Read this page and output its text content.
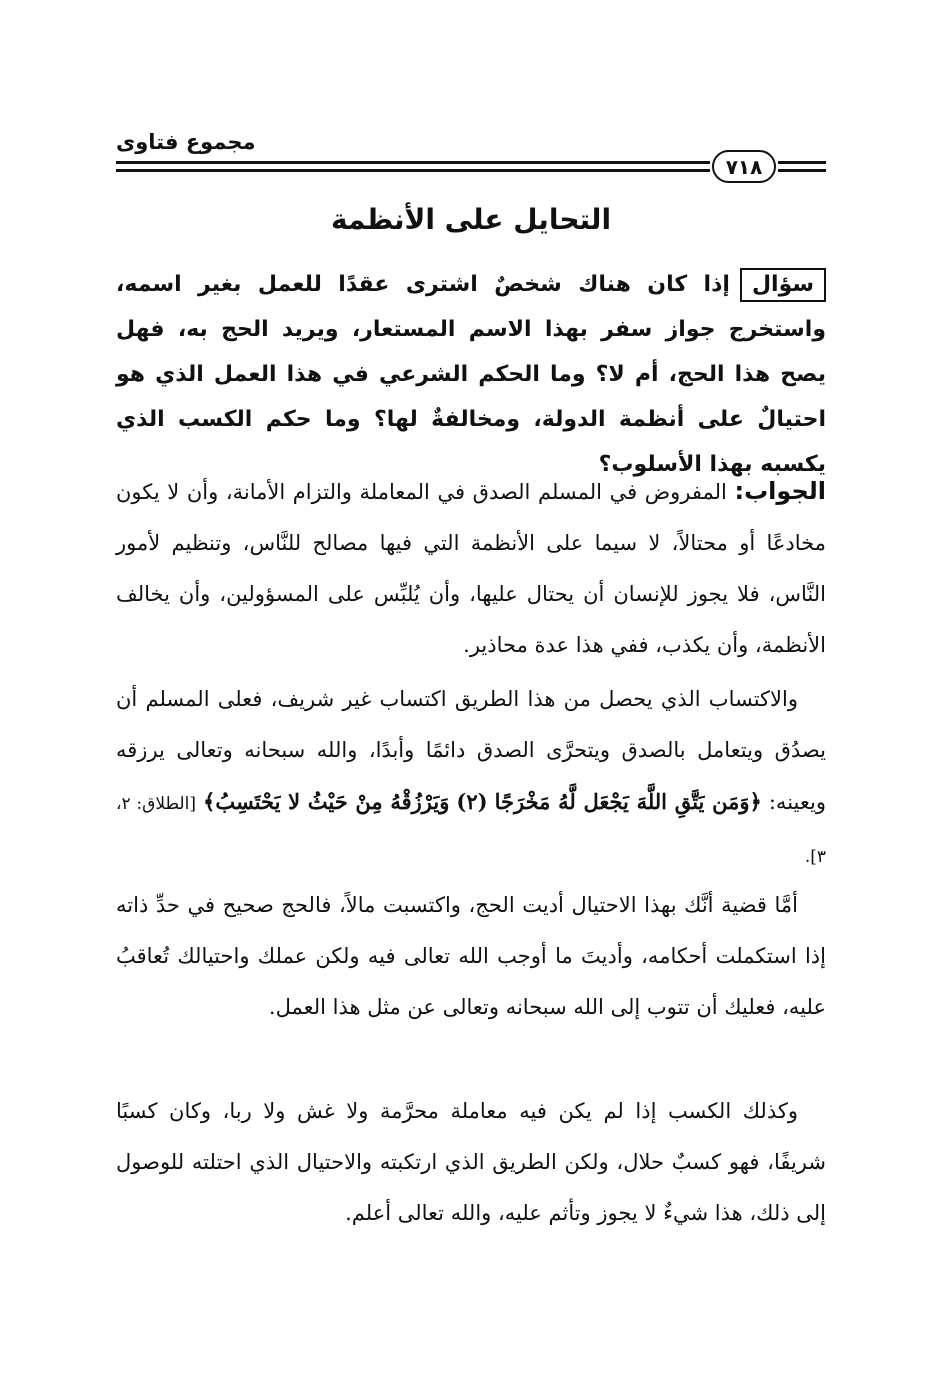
مجموع فتاوى
٧١٨
التحايل على الأنظمة
سؤالإذا كان هناك شخصٌ اشترى عقدًا للعمل بغير اسمه، واستخرج جواز سفر بهذا الاسم المستعار، ويريد الحج به، فهل يصح هذا الحج، أم لا؟ وما الحكم الشرعي في هذا العمل الذي هو احتيالٌ على أنظمة الدولة، ومخالفةٌ لها؟ وما حكم الكسب الذي يكسبه بهذا الأسلوب؟
الجواب: المفروض في المسلم الصدق في المعاملة والتزام الأمانة، وأن لا يكون مخادعًا أو محتالاً، لا سيما على الأنظمة التي فيها مصالح للنَّاس، وتنظيم لأمور النَّاس، فلا يجوز للإنسان أن يحتال عليها، وأن يُلبِّس على المسؤولين، وأن يخالف الأنظمة، وأن يكذب، ففي هذا عدة محاذير.
والاكتساب الذي يحصل من هذا الطريق اكتساب غير شريف، فعلى المسلم أن يصدُق ويتعامل بالصدق ويتحرَّى الصدق دائمًا وأبدًا، والله سبحانه وتعالى يرزقه ويعينه: ﴿وَمَن يَتَّقِ اللَّهَ يَجْعَل لَّهُ مَخْرَجًا (٢) وَيَرْزُقْهُ مِنْ حَيْثُ لا يَحْتَسِبُ﴾ [الطلاق: ٢، ٣].
أمَّا قضية أنَّك بهذا الاحتيال أديت الحج، واكتسبت مالاً، فالحج صحيح في حدِّ ذاته إذا استكملت أحكامه، وأديتَ ما أوجب الله تعالى فيه ولكن عملك واحتيالك تُعاقبُ عليه، فعليك أن تتوب إلى الله سبحانه وتعالى عن مثل هذا العمل.
وكذلك الكسب إذا لم يكن فيه معاملة محرَّمة ولا غش ولا ربا، وكان كسبًا شريفًا، فهو كسبٌ حلال، ولكن الطريق الذي ارتكبته والاحتيال الذي احتلته للوصول إلى ذلك، هذا شيءٌ لا يجوز وتأثم عليه، والله تعالى أعلم.
